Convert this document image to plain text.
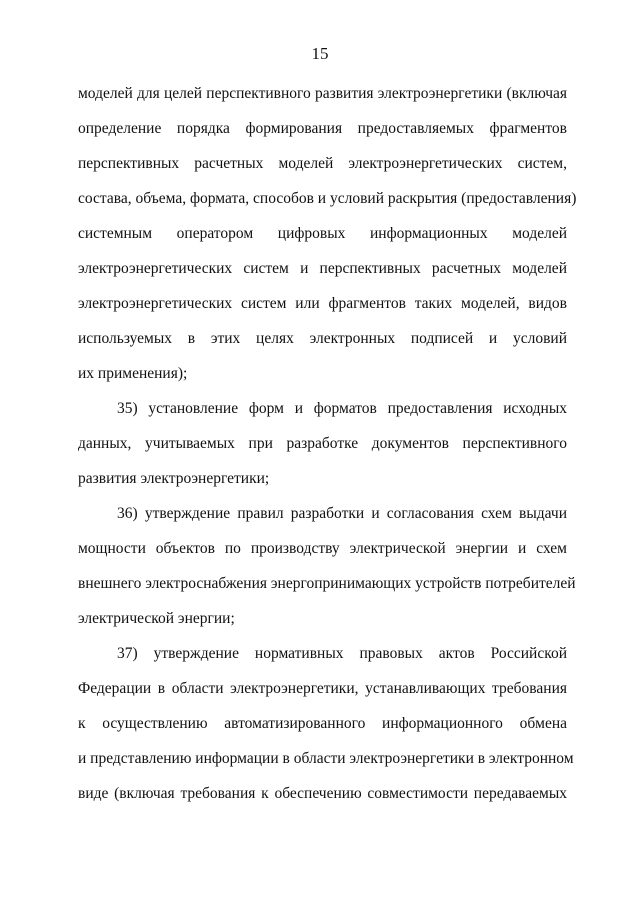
15
моделей для целей перспективного развития электроэнергетики (включая
определение порядка формирования предоставляемых фрагментов
перспективных расчетных моделей электроэнергетических систем,
состава, объема, формата, способов и условий раскрытия (предоставления)
системным оператором цифровых информационных моделей
электроэнергетических систем и перспективных расчетных моделей
электроэнергетических систем или фрагментов таких моделей, видов
используемых в этих целях электронных подписей и условий
их применения);
35) установление форм и форматов предоставления исходных
данных, учитываемых при разработке документов перспективного
развития электроэнергетики;
36) утверждение правил разработки и согласования схем выдачи
мощности объектов по производству электрической энергии и схем
внешнего электроснабжения энергопринимающих устройств потребителей
электрической энергии;
37) утверждение нормативных правовых актов Российской
Федерации в области электроэнергетики, устанавливающих требования
к осуществлению автоматизированного информационного обмена
и представлению информации в области электроэнергетики в электронном
виде (включая требования к обеспечению совместимости передаваемых
